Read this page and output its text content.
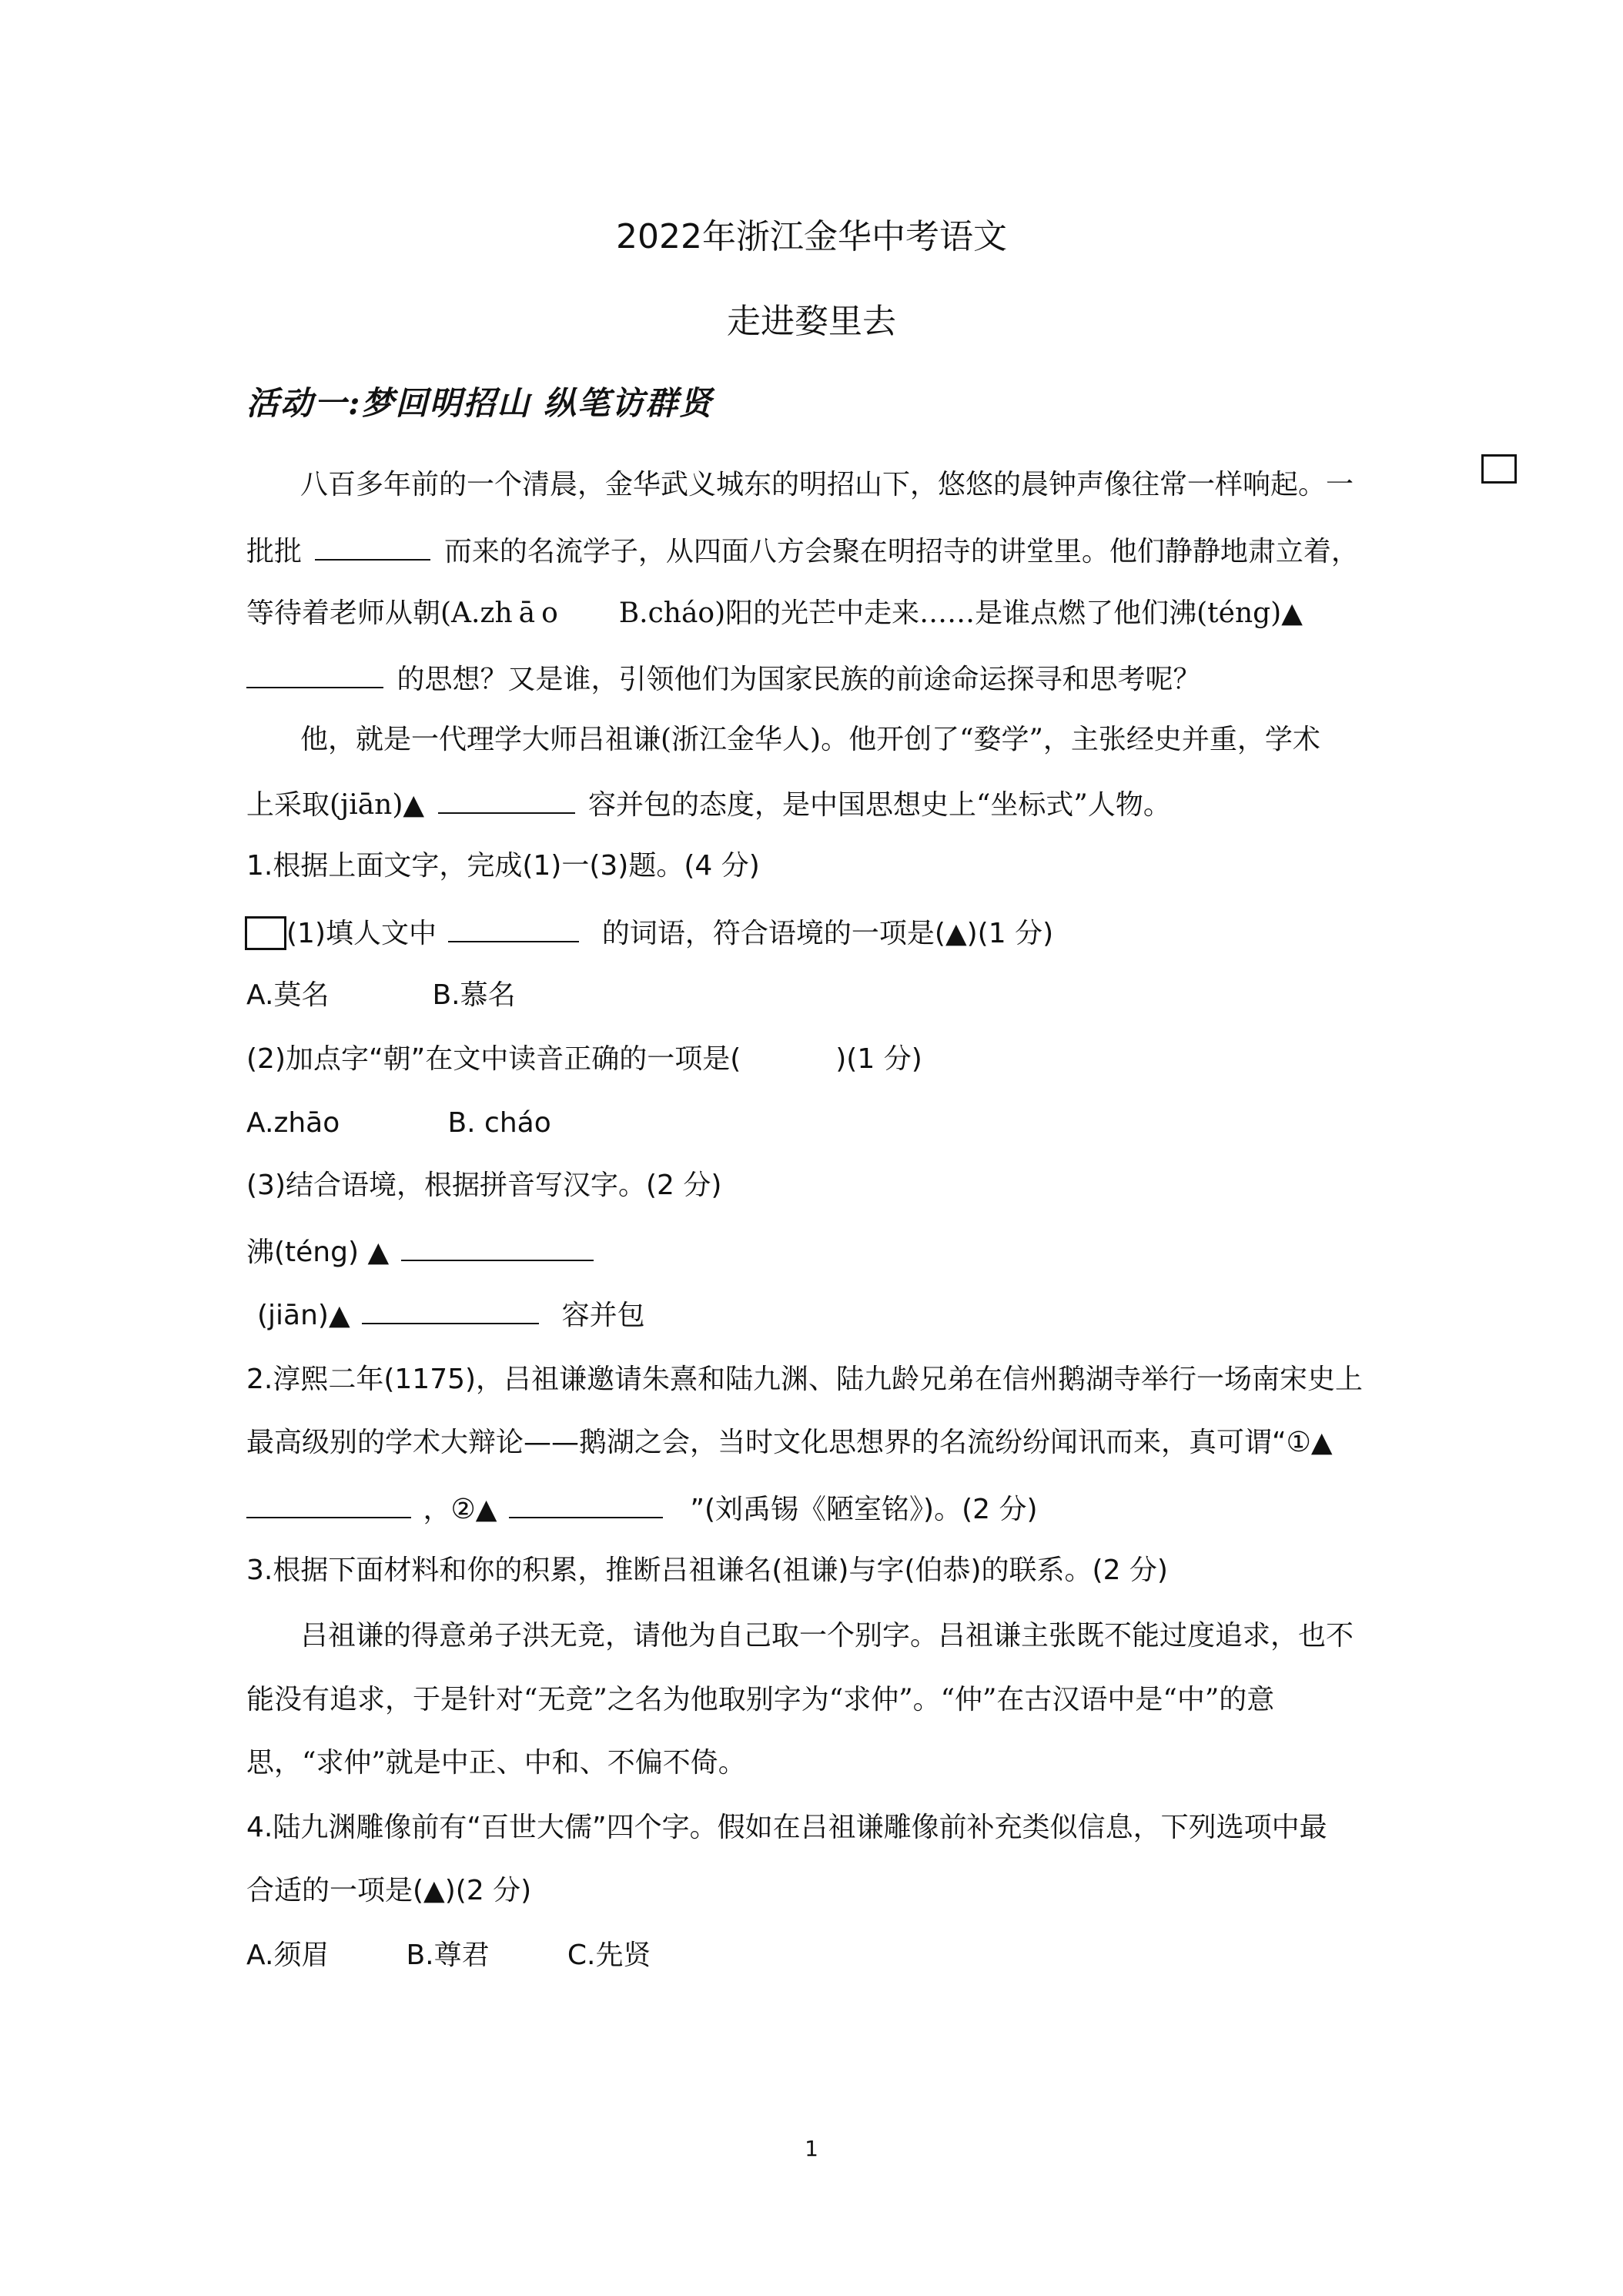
2022年浙江金华中考语文
走进婺里去
活动一:梦回明招山 纵笔访群贤
八百多年前的一个清晨，金华武义城东的明招山下，悠悠的晨钟声像往常一样响起。一
批批	而来的名流学子，从四面八方会聚在明招寺的讲堂里。他们静静地肃立着，
等待着老师从朝(A.zh ā o B.cháo)阳的光芒中走来……是谁点燃了他们沸(téng)▲
的思想？又是谁，引领他们为国家民族的前途命运探寻和思考呢？
他，就是一代理学大师吕祖谦(浙江金华人)。他开创了“婺学”，主张经史并重，学术
上采取(jiān)▲	容并包的态度，是中国思想史上“坐标式”人物。
1.根据上面文字，完成(1)一(3)题。(4 分)
(1)填人文中	的词语，符合语境的一项是(▲)(1 分)
A.莫名	B.慕名
(2)加点字“朝”在文中读音正确的一项是(	)(1 分)
A.zhāo	B. cháo
(3)结合语境，根据拼音写汉字。(2 分)
沸(téng) ▲
(jiān)▲	容并包
2.淳熙二年(1175)，吕祖谦邀请朱熹和陆九渊、陆九龄兄弟在信州鹅湖寺举行一场南宋史上
最高级别的学术大辩论——鹅湖之会，当时文化思想界的名流纷纷闻讯而来，真可谓“①▲
，②▲	”(刘禹锡《陋室铭》)。(2 分)
3.根据下面材料和你的积累，推断吕祖谦名(祖谦)与字(伯恭)的联系。(2 分)
吕祖谦的得意弟子洪无竞，请他为自己取一个别字。吕祖谦主张既不能过度追求，也不
能没有追求，于是针对“无竞”之名为他取别字为“求仲”。“仲”在古汉语中是“中”的意
思，“求仲”就是中正、中和、不偏不倚。
4.陆九渊雕像前有“百世大儒”四个字。假如在吕祖谦雕像前补充类似信息，下列选项中最
合适的一项是(▲)(2 分)
A.须眉	B.尊君	C.先贤
1
